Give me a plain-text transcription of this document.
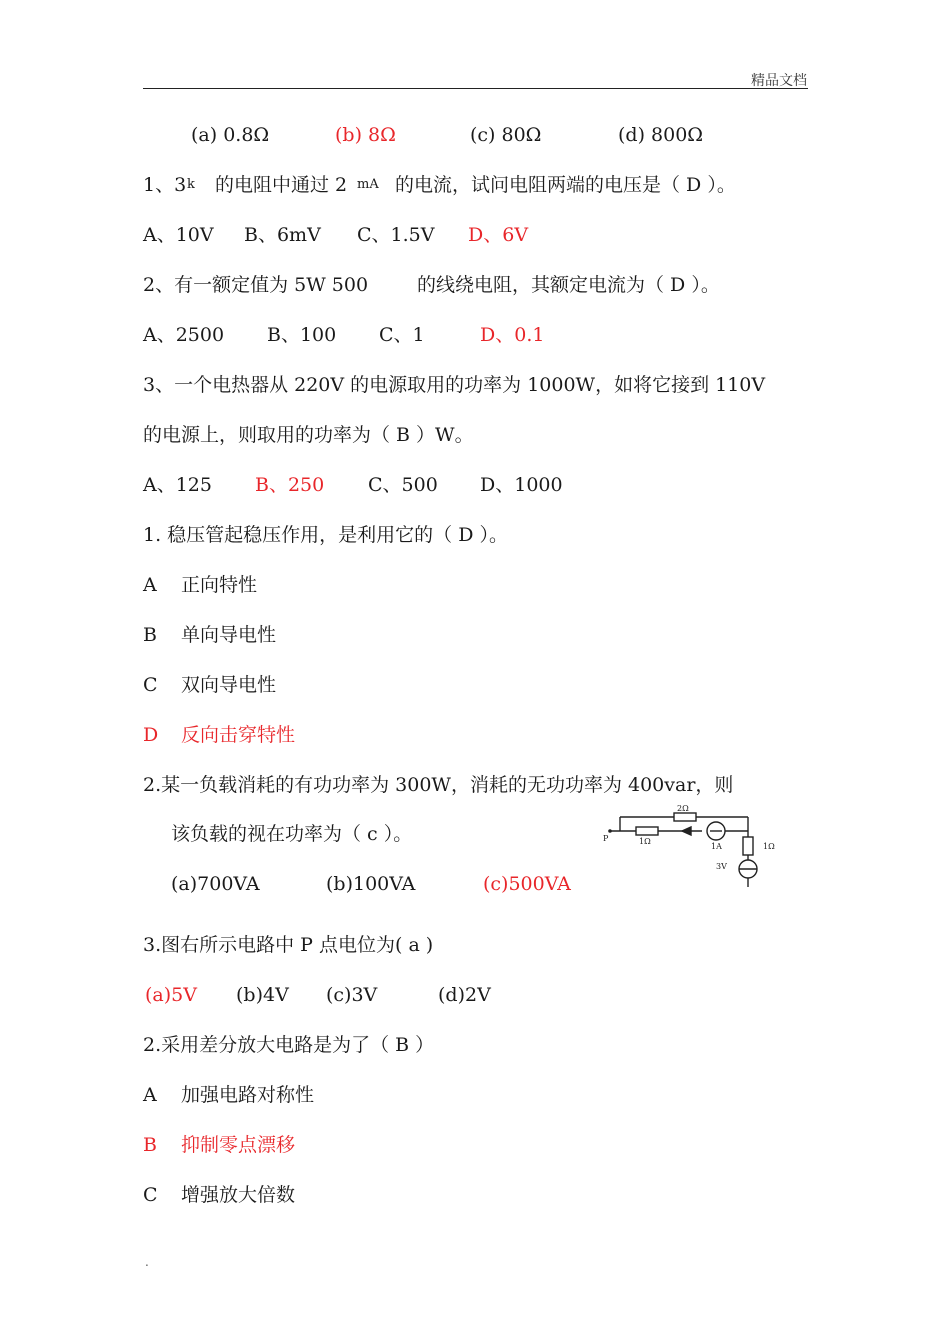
精品文档
(a) 0.8Ω	(b) 8Ω	(c) 80Ω	(d) 800Ω
1、3 k 的电阻中通过 2 mA 的电流，试问电阻两端的电压是（ D ）。
A、10V B、6mV C、1.5V D、6V
2、有一额定值为 5W 500	的线绕电阻，其额定电流为（ D ）。
A、2500 B、100 C、1	D、0.1
3、一个电热器从 220V 的电源取用的功率为 1000W，如将它接到 110V
的电源上，则取用的功率为（ B ）W。
A、125 B、250 C、500 D、1000
1. 稳压管起稳压作用，是利用它的（ D ）。
A 正向特性
B 单向导电性
C 双向导电性
D 反向击穿特性
2.某一负载消耗的有功功率为 300W，消耗的无功功率为 400var，则
该负载的视在功率为（ c ）。
(a)700VA	(b)100VA	(c)500VA
3.图右所示电路中 P 点电位为( a )
(a)5V (b)4V (c)3V	(d)2V
2.采用差分放大电路是为了（ B ）
A 加强电路对称性
B 抑制零点漂移
C 增强放大倍数
2Ω
1Ω
1Ω
1A
3V
P
.
